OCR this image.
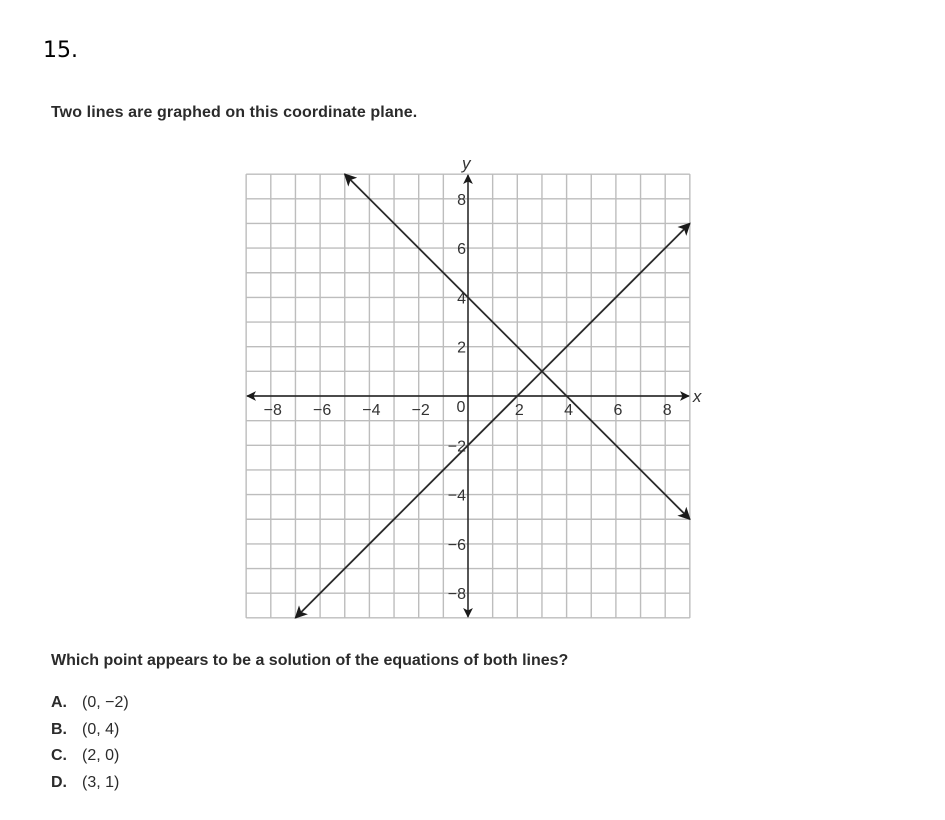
15.
Two lines are graphed on this coordinate plane.
−8 −6 −4 −2 0	2	4	6	8
−8
−6
−4
−2
2
4
6
8
x
y
Which point appears to be a solution of the equations of both lines?
A. (0, −2)
B. (0, 4)
C. (2, 0)
D. (3, 1)
